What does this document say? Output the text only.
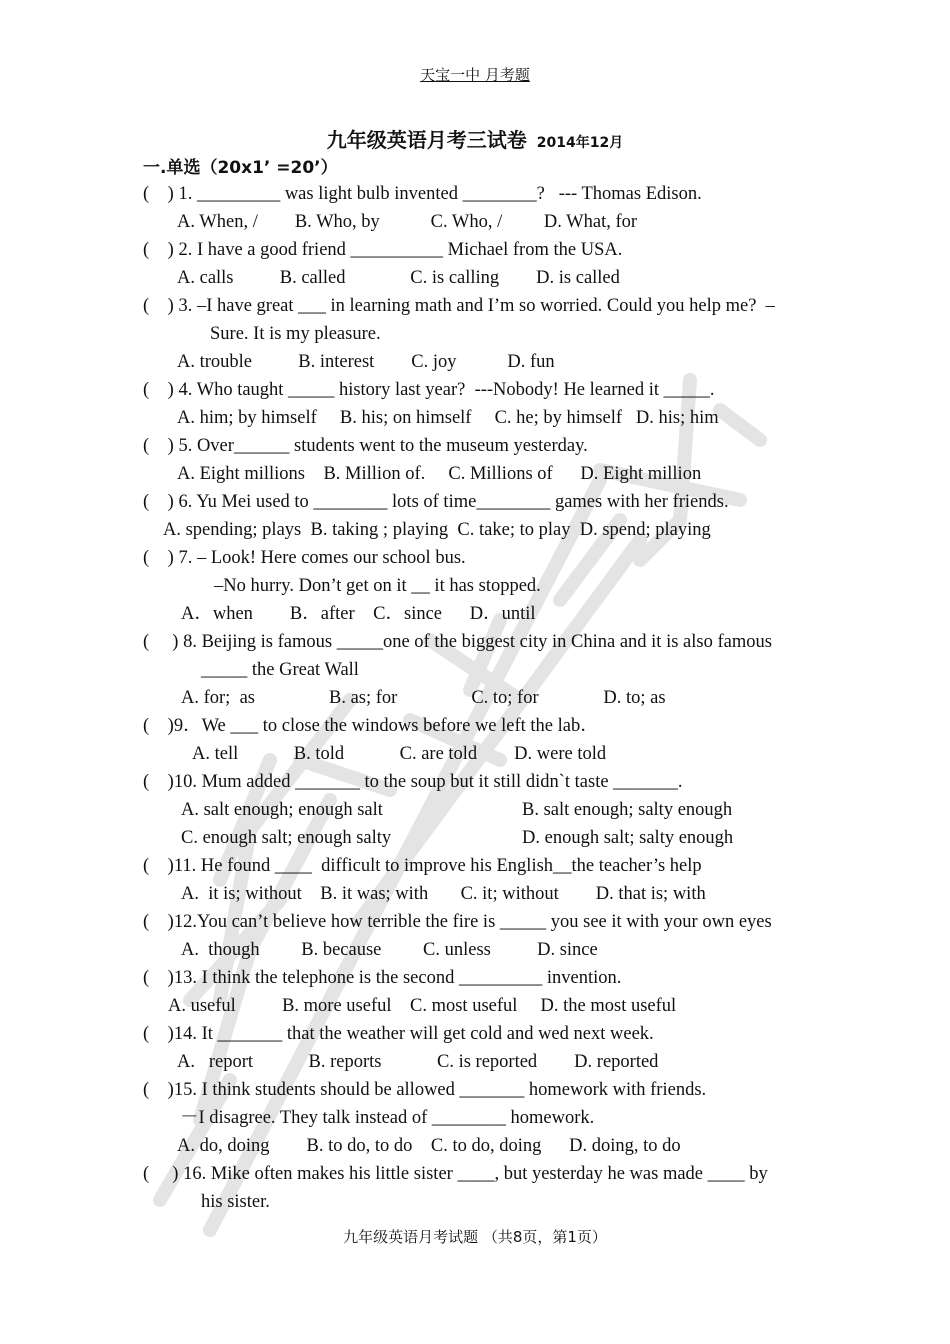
天宝一中 月考题
九年级英语月考三试卷 2014年12月
一.单选（20x1’ =20’）
(    ) 1. _________ was light bulb invented ________?   --- Thomas Edison.
A. When, /        B. Who, by           C. Who, /         D. What, for
(    ) 2. I have a good friend __________ Michael from the USA.
A. calls          B. called              C. is calling        D. is called
(    ) 3. –I have great ___ in learning math and I’m so worried. Could you help me?  –
Sure. It is my pleasure.
A. trouble          B. interest        C. joy           D. fun
(    ) 4. Who taught _____ history last year?  ---Nobody! He learned it _____.
A. him; by himself     B. his; on himself     C. he; by himself   D. his; him
(    ) 5. Over______ students went to the museum yesterday.
A. Eight millions    B. Million of.     C. Millions of      D. Eight million
(    ) 6. Yu Mei used to ________ lots of time________ games with her friends.
A. spending; plays  B. taking ; playing  C. take; to play  D. spend; playing
(    ) 7. – Look! Here comes our school bus.
–No hurry. Don’t get on it __ it has stopped.
A．when        B．after    C．since      D．until
(     ) 8. Beijing is famous _____one of the biggest city in China and it is also famous
_____ the Great Wall
A. for;  as                B. as; for                C. to; for              D. to; as
(    )9．We ___ to close the windows before we left the lab．
A. tell            B. told            C. are told        D. were told
(    )10. Mum added _______ to the soup but it still didn`t taste _______.
A. salt enough; enough salt	B. salt enough; salty enough
C. enough salt; enough salty	D. enough salt; salty enough
(    )11. He found ____  difficult to improve his English__the teacher’s help
A.  it is; without    B. it was; with       C. it; without        D. that is; with
(    )12.You can’t believe how terrible the fire is _____ you see it with your own eyes
A.  though         B. because         C. unless          D. since
(    )13. I think the telephone is the second _________ invention.
A. useful          B. more useful    C. most useful     D. the most useful
(    )14. It _______ that the weather will get cold and wed next week.
A.   report            B. reports            C. is reported        D. reported
(    )15. I think students should be allowed _______ homework with friends.
－I disagree. They talk instead of ________ homework.
A. do, doing        B. to do, to do    C. to do, doing      D. doing, to do
(     ) 16. Mike often makes his little sister ____, but yesterday he was made ____ by
his sister.
九年级英语月考试题 （共8页，第1页）
